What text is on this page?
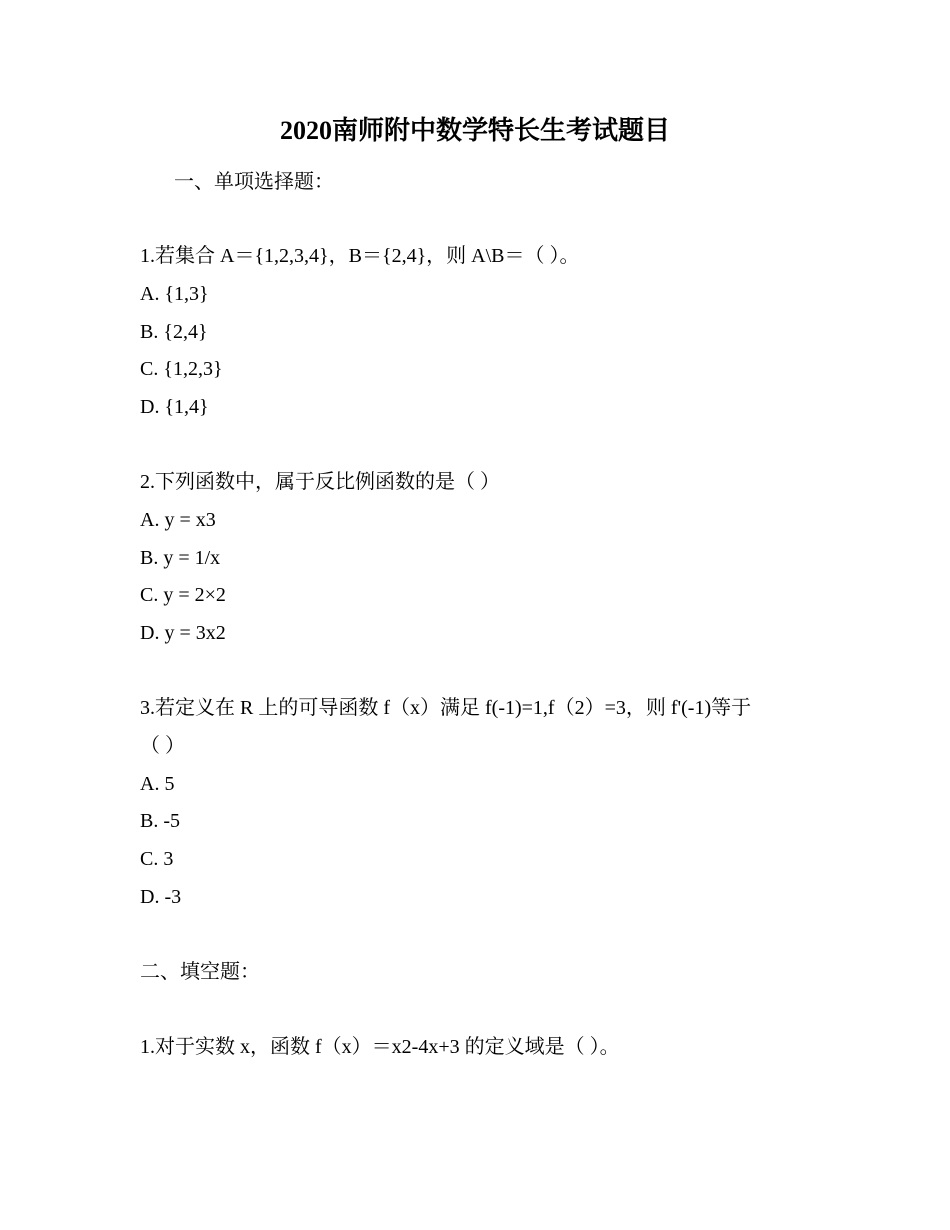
2020南师附中数学特长生考试题目
一、单项选择题：
1.若集合 A＝{1,2,3,4}，B＝{2,4}，则 A\B＝（ ）。
A. {1,3}
B. {2,4}
C. {1,2,3}
D. {1,4}
2.下列函数中，属于反比例函数的是（ ）
A. y = x3
B. y = 1/x
C. y = 2×2
D. y = 3x2
3.若定义在 R 上的可导函数 f（x）满足 f(-1)=1,f（2）=3，则 f'(-1)等于
（ ）
A. 5
B. -5
C. 3
D. -3
二、填空题：
1.对于实数 x，函数 f（x）＝x2-4x+3 的定义域是（ ）。
